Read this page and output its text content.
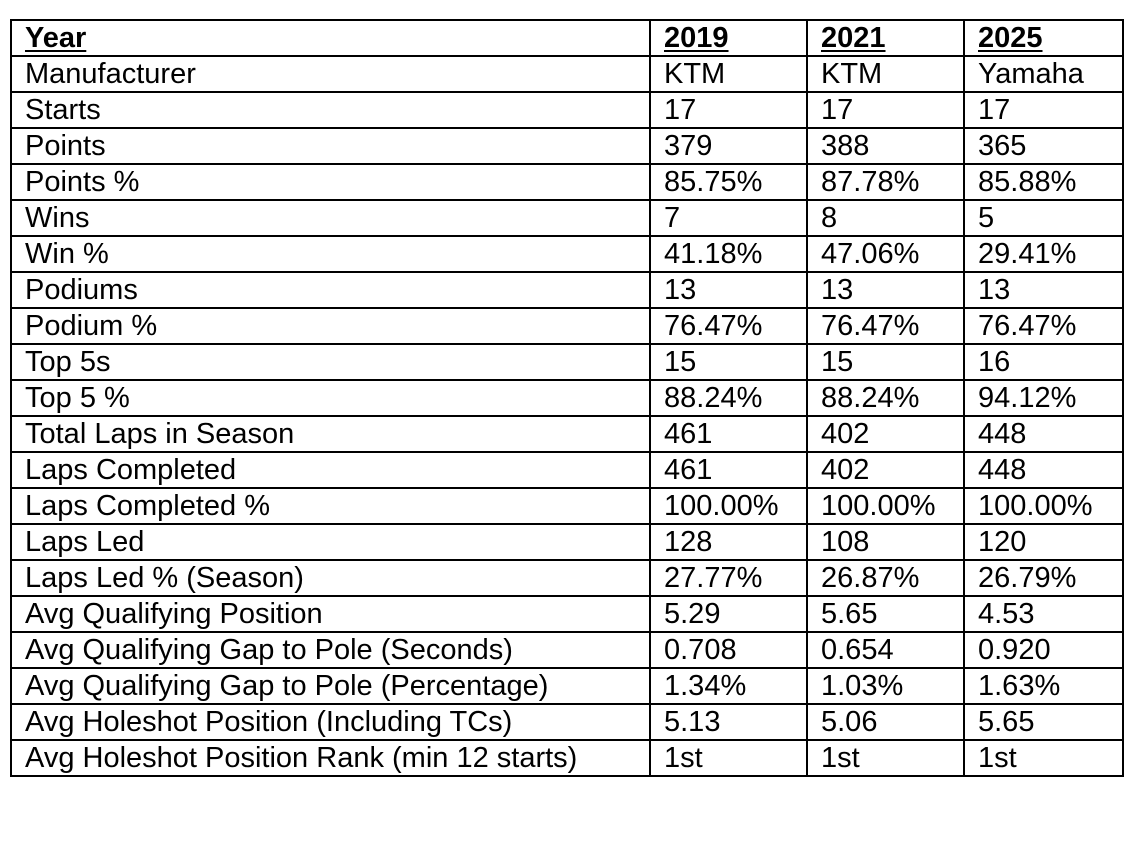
Year	2019	2021	2025
Manufacturer	KTM	KTM	Yamaha
Starts	17	17	17
Points	379	388	365
Points %	85.75%	87.78%	85.88%
Wins	7	8	5
Win %	41.18%	47.06%	29.41%
Podiums	13	13	13
Podium %	76.47%	76.47%	76.47%
Top 5s	15	15	16
Top 5 %	88.24%	88.24%	94.12%
Total Laps in Season	461	402	448
Laps Completed	461	402	448
Laps Completed %	100.00%	100.00%	100.00%
Laps Led	128	108	120
Laps Led % (Season)	27.77%	26.87%	26.79%
Avg Qualifying Position	5.29	5.65	4.53
Avg Qualifying Gap to Pole (Seconds)	0.708	0.654	0.920
Avg Qualifying Gap to Pole (Percentage)	1.34%	1.03%	1.63%
Avg Holeshot Position (Including TCs)	5.13	5.06	5.65
Avg Holeshot Position Rank (min 12 starts)	1st	1st	1st
